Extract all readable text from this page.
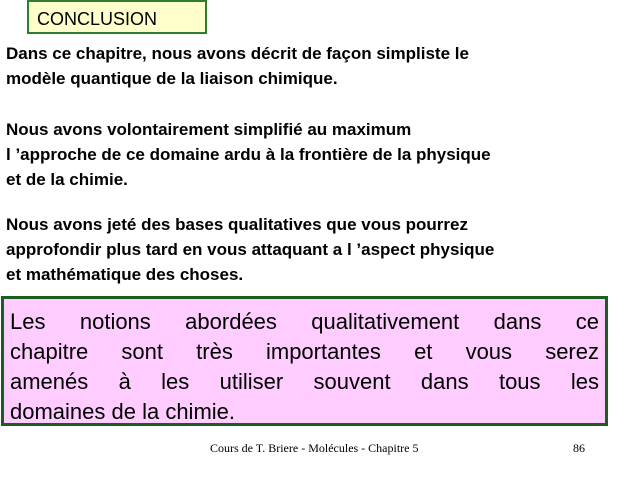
CONCLUSION
Dans ce chapitre, nous avons décrit de façon simpliste le
modèle quantique de la liaison chimique.
Nous avons volontairement simplifié au maximum
l ’approche de ce domaine ardu à la frontière de la physique
et de la chimie.
Nous avons jeté des bases qualitatives que vous pourrez
approfondir plus tard en vous attaquant a l ’aspect physique
et mathématique des choses.
Les notions abordées qualitativement dans ce
chapitre sont très importantes et vous serez
amenés à les utiliser souvent dans tous les
domaines de la chimie.
Cours de T. Briere - Molécules - Chapitre 5	86
